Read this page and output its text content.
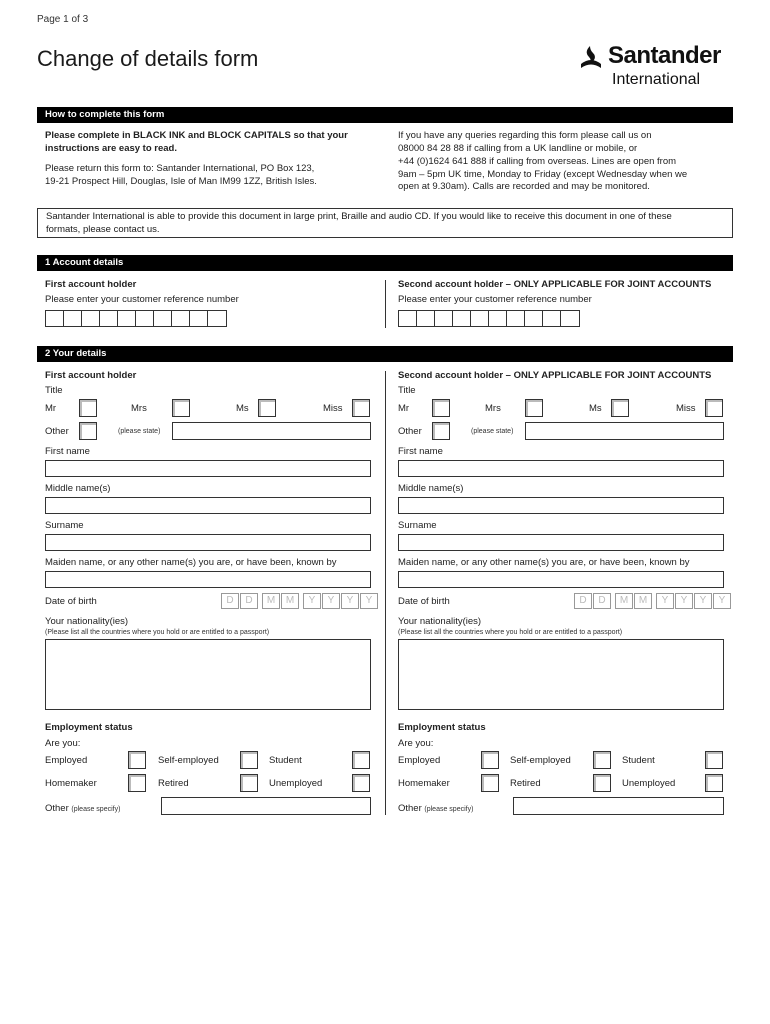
Page 1 of 3
Change of details form	Santander
International
How to complete this form
Please complete in BLACK INK and BLOCK CAPITALS so that your instructions are easy to read.
Please return this form to: Santander International, PO Box 123,
19-21 Prospect Hill, Douglas, Isle of Man IM99 1ZZ, British Isles.
If you have any queries regarding this form please call us on
08000 84 28 88 if calling from a UK landline or mobile, or
+44 (0)1624 641 888 if calling from overseas. Lines are open from
9am – 5pm UK time, Monday to Friday (except Wednesday when we
open at 9.30am). Calls are recorded and may be monitored.
Santander International is able to provide this document in large print, Braille and audio CD. If you would like to receive this document in one of these
formats, please contact us.
1 Account details
First account holder
Please enter your customer reference number
Second account holder – ONLY APPLICABLE FOR JOINT ACCOUNTS
Please enter your customer reference number
2 Your details
First account holder
Title
Mr	Mrs	Ms	Miss
Other	(please state)
First name
Middle name(s)
Surname
Maiden name, or any other name(s) you are, or have been, known by
Date of birth	D	D	M	M	Y	Y	Y	Y
Your nationality(ies)
(Please list all the countries where you hold or are entitled to a passport)
Employment status
Are you:
Employed	Self-employed	Student
Homemaker	Retired	Unemployed
Other (please specify)
Second account holder – ONLY APPLICABLE FOR JOINT ACCOUNTS
Title
Mr	Mrs	Ms	Miss
Other	(please state)
First name
Middle name(s)
Surname
Maiden name, or any other name(s) you are, or have been, known by
Date of birth	D	D	M	M	Y	Y	Y	Y
Your nationality(ies)
(Please list all the countries where you hold or are entitled to a passport)
Employment status
Are you:
Employed	Self-employed	Student
Homemaker	Retired	Unemployed
Other (please specify)
